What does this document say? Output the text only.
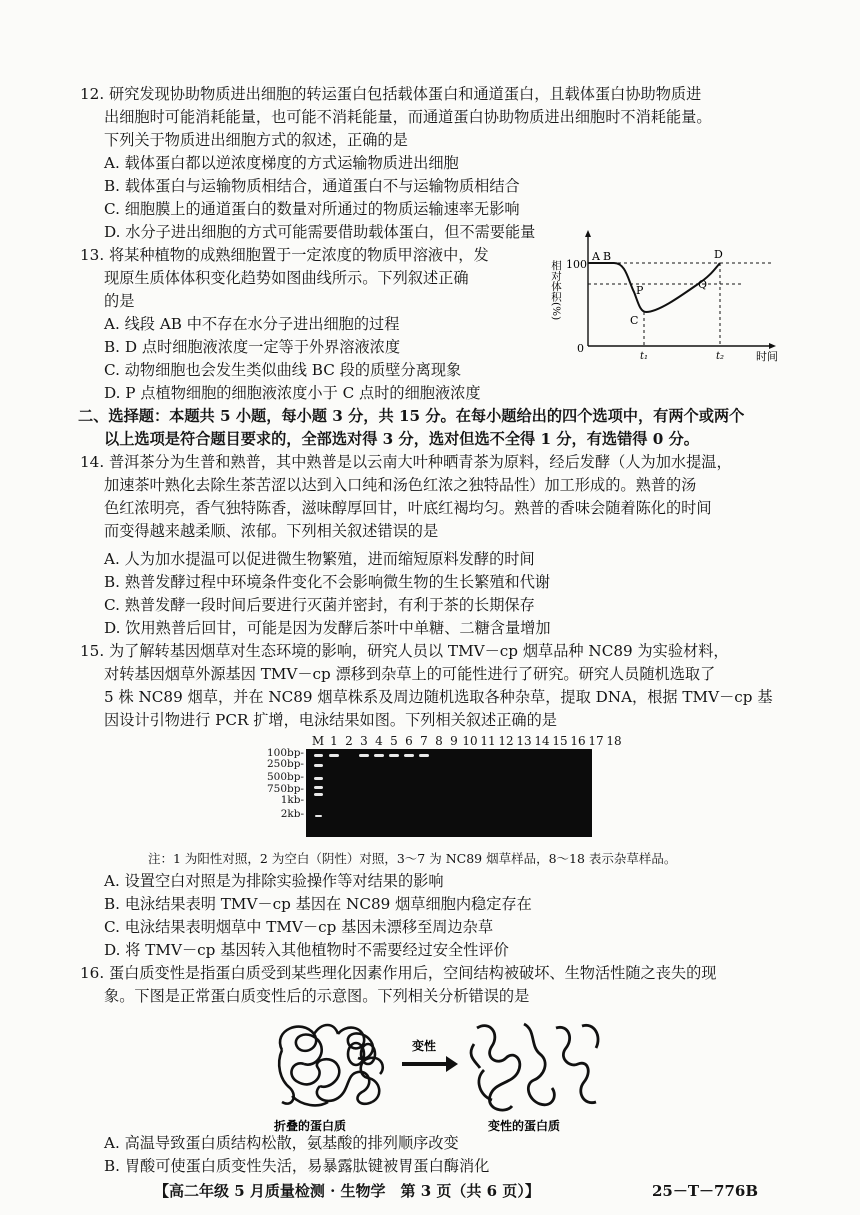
12. 研究发现协助物质进出细胞的转运蛋白包括载体蛋白和通道蛋白，且载体蛋白协助物质进
出细胞时可能消耗能量，也可能不消耗能量，而通道蛋白协助物质进出细胞时不消耗能量。
下列关于物质进出细胞方式的叙述，正确的是
A. 载体蛋白都以逆浓度梯度的方式运输物质进出细胞
B. 载体蛋白与运输物质相结合，通道蛋白不与运输物质相结合
C. 细胞膜上的通道蛋白的数量对所通过的物质运输速率无影响
D. 水分子进出细胞的方式可能需要借助载体蛋白，但不需要能量
13. 将某种植物的成熟细胞置于一定浓度的物质甲溶液中，发
现原生质体体积变化趋势如图曲线所示。下列叙述正确
的是
A. 线段 AB 中不存在水分子进出细胞的过程
B. D 点时细胞液浓度一定等于外界溶液浓度
C. 动物细胞也会发生类似曲线 BC 段的质壁分离现象
D. P 点植物细胞的细胞液浓度小于 C 点时的细胞液浓度
相对体积(%) 100
0
时间
A B
C
D
P	Q
t₁	t₂
二、选择题：本题共 5 小题，每小题 3 分，共 15 分。在每小题给出的四个选项中，有两个或两个
以上选项是符合题目要求的，全部选对得 3 分，选对但选不全得 1 分，有选错得 0 分。
14. 普洱茶分为生普和熟普，其中熟普是以云南大叶种晒青茶为原料，经后发酵（人为加水提温，
加速茶叶熟化去除生茶苦涩以达到入口纯和汤色红浓之独特品性）加工形成的。熟普的汤
色红浓明亮，香气独特陈香，滋味醇厚回甘，叶底红褐均匀。熟普的香味会随着陈化的时间
而变得越来越柔顺、浓郁。下列相关叙述错误的是
A. 人为加水提温可以促进微生物繁殖，进而缩短原料发酵的时间
B. 熟普发酵过程中环境条件变化不会影响微生物的生长繁殖和代谢
C. 熟普发酵一段时间后要进行灭菌并密封，有利于茶的长期保存
D. 饮用熟普后回甘，可能是因为发酵后茶叶中单糖、二糖含量增加
15. 为了解转基因烟草对生态环境的影响，研究人员以 TMV－cp 烟草品种 NC89 为实验材料，
对转基因烟草外源基因 TMV－cp 漂移到杂草上的可能性进行了研究。研究人员随机选取了
5 株 NC89 烟草，并在 NC89 烟草株系及周边随机选取各种杂草，提取 DNA，根据 TMV－cp 基
因设计引物进行 PCR 扩增，电泳结果如图。下列相关叙述正确的是
M 1 2 3 4 5 6 7 8 9 10 11 12 13 14 15 16 17 18
100bp-
250bp-
500bp-
750bp-
1kb-
2kb-
注：1 为阳性对照，2 为空白（阴性）对照，3～7 为 NC89 烟草样品，8～18 表示杂草样品。
A. 设置空白对照是为排除实验操作等对结果的影响
B. 电泳结果表明 TMV－cp 基因在 NC89 烟草细胞内稳定存在
C. 电泳结果表明烟草中 TMV－cp 基因未漂移至周边杂草
D. 将 TMV－cp 基因转入其他植物时不需要经过安全性评价
16. 蛋白质变性是指蛋白质受到某些理化因素作用后，空间结构被破坏、生物活性随之丧失的现
象。下图是正常蛋白质变性后的示意图。下列相关分析错误的是
变性
折叠的蛋白质	变性的蛋白质
A. 高温导致蛋白质结构松散，氨基酸的排列顺序改变
B. 胃酸可使蛋白质变性失活，易暴露肽键被胃蛋白酶消化
【高二年级 5 月质量检测 · 生物学　第 3 页（共 6 页）】	25－T－776B
